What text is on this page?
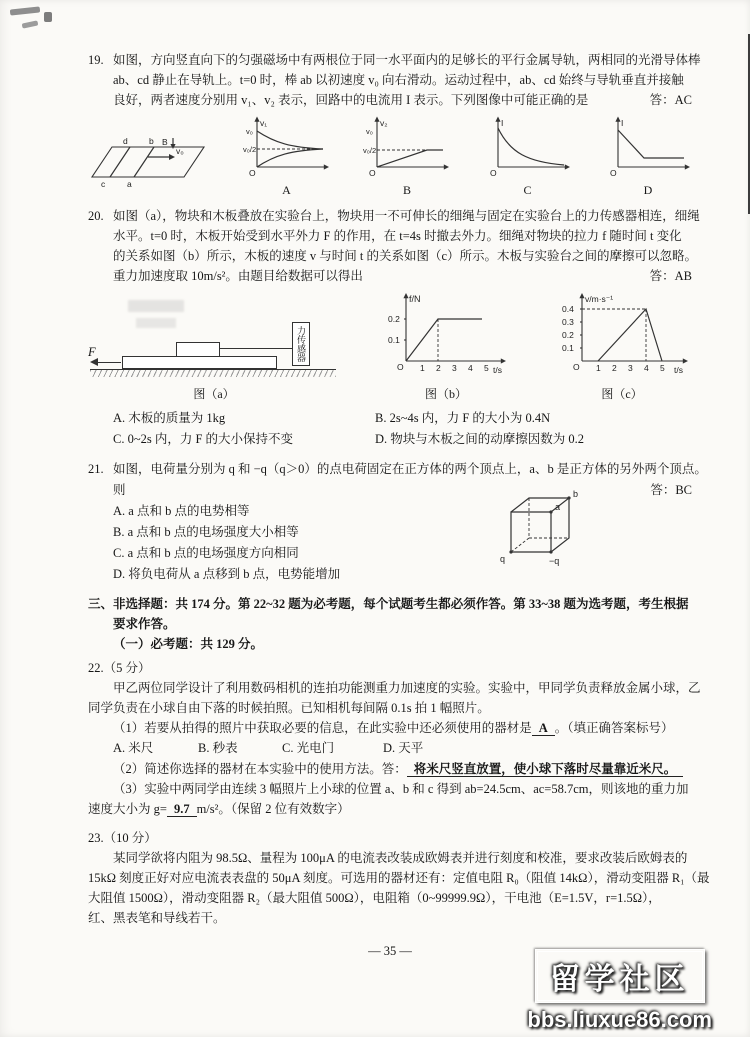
19. 如图，方向竖直向下的匀强磁场中有两根位于同一水平面内的足够长的平行金属导轨，两相同的光滑导体棒
ab、cd 静止在导轨上。t=0 时，棒 ab 以初速度 v₀ 向右滑动。运动过程中，ab、cd 始终与导轨垂直并接触
良好，两者速度分别用 v₁、v₂ 表示，回路中的电流用 I 表示。下列图像中可能正确的是	答：AC
B
v₀
d	b
c	a
v₁
v₀
v₀/2
O
A
v₂
v₀
v₀/2
O
B
I
O
C
I
O
D
20. 如图（a），物块和木板叠放在实验台上，物块用一不可伸长的细绳与固定在实验台上的力传感器相连，细绳
水平。t=0 时，木板开始受到水平外力 F 的作用，在 t=4s 时撤去外力。细绳对物块的拉力 f 随时间 t 变化
的关系如图（b）所示，木板的速度 v 与时间 t 的关系如图（c）所示。木板与实验台之间的摩擦可以忽略。
重力加速度取 10m/s²。由题目给数据可以得出	答：AB
F	力传感器
图（a）
f/N
0.2
0.1
1 2 3 4 5
O	t/s
图（b）
v/m·s⁻¹
0.4
0.3
0.2
0.1
1 2 3 4 5
O	t/s
图（c）
A. 木板的质量为 1kg	B. 2s~4s 内，力 F 的大小为 0.4N
C. 0~2s 内，力 F 的大小保持不变	D. 物块与木板之间的动摩擦因数为 0.2
21. 如图，电荷量分别为 q 和 −q（q＞0）的点电荷固定在正方体的两个顶点上，a、b 是正方体的另外两个顶点。
则	答：BC
A. a 点和 b 点的电势相等
B. a 点和 b 点的电场强度大小相等
C. a 点和 b 点的电场强度方向相同
D. 将负电荷从 a 点移到 b 点，电势能增加
a
b
q	−q
三、非选择题：共 174 分。第 22~32 题为必考题，每个试题考生都必须作答。第 33~38 题为选考题，考生根据
要求作答。
（一）必考题：共 129 分。
22.（5 分）
甲乙两位同学设计了利用数码相机的连拍功能测重力加速度的实验。实验中，甲同学负责释放金属小球，乙
同学负责在小球自由下落的时候拍照。已知相机每间隔 0.1s 拍 1 幅照片。
（1）若要从拍得的照片中获取必要的信息，在此实验中还必须使用的器材是 A 。（填正确答案标号）
A. 米尺	B. 秒表	C. 光电门	D. 天平
（2）简述你选择的器材在本实验中的使用方法。答： 将米尺竖直放置，使小球下落时尽量靠近米尺。
（3）实验中两同学由连续 3 幅照片上小球的位置 a、b 和 c 得到 ab=24.5cm、ac=58.7cm，则该地的重力加
速度大小为 g= 9.7 m/s²。（保留 2 位有效数字）
23.（10 分）
某同学欲将内阻为 98.5Ω、量程为 100μA 的电流表改装成欧姆表并进行刻度和校准，要求改装后欧姆表的
15kΩ 刻度正好对应电流表表盘的 50μA 刻度。可选用的器材还有：定值电阻 R₀（阻值 14kΩ），滑动变阻器 R₁（最
大阻值 1500Ω），滑动变阻器 R₂（最大阻值 500Ω），电阻箱（0~99999.9Ω），干电池（E=1.5V，r=1.5Ω），
红、黑表笔和导线若干。
— 35 —
留学社区
bbs.liuxue86.com
